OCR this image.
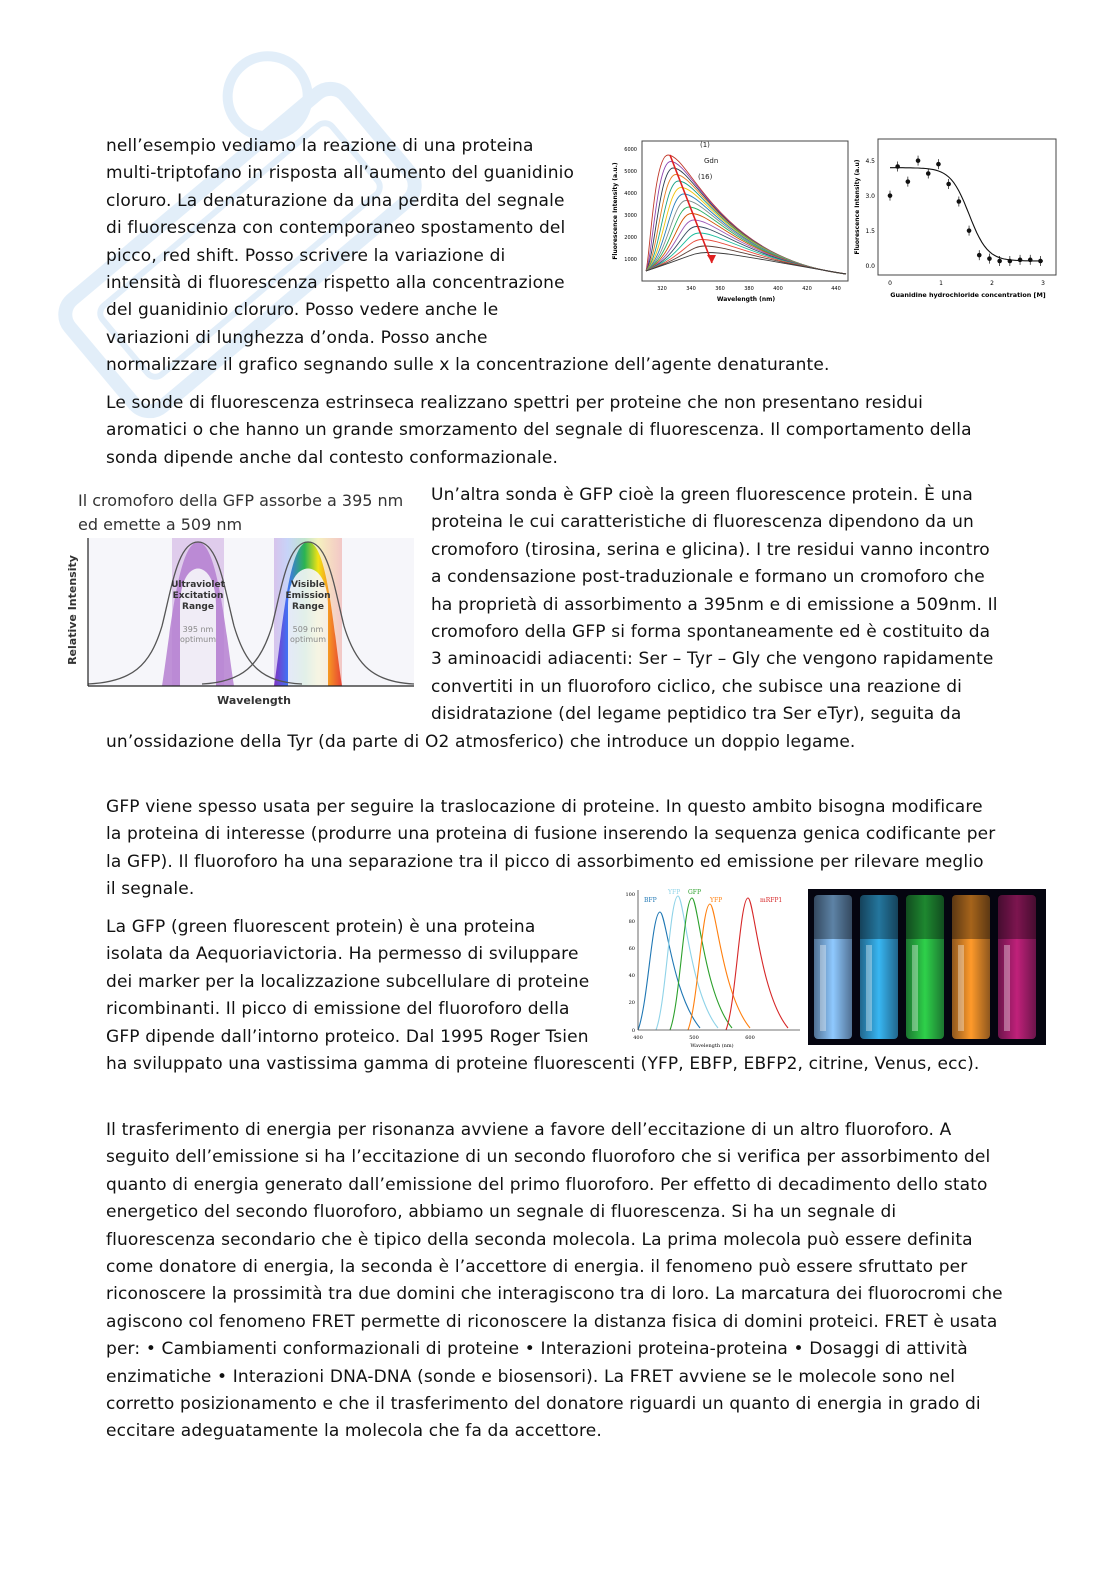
nell’esempio vediamo la reazione di una proteina multi-triptofano in risposta all’aumento del guanidinio cloruro. La denaturazione da una perdita del segnale di fluorescenza con contemporaneo spostamento del picco, red shift. Posso scrivere la variazione di intensità di fluorescenza rispetto alla concentrazione del guanidinio cloruro. Posso vedere anche le variazioni di lunghezza d’onda. Posso anche normalizzare il grafico segnando sulle x la concentrazione dell’agente denaturante.

(1)
Gdn
(16)
6000
5000
4000
3000
2000
1000
320	340	360	380	400	420	440
Wavelength (nm)
Fluorescence Intensity (a.u.)
4.5
3.0
1.5
0.0
0	1	2	3
Guanidine hydrochloride concentration [M]
Fluorescence Intensity (a.u)

Le sonde di fluorescenza estrinseca realizzano spettri per proteine che non presentano residui aromatici o che hanno un grande smorzamento del segnale di fluorescenza. Il comportamento della sonda dipende anche dal contesto conformazionale.

Il cromoforo della GFP assorbe a 395 nm
ed emette a 509 nm
Ultraviolet
Excitation
Range
395 nm
optimum
Visible
Emission
Range
509 nm
optimum
Wavelength
Relative Intensity

Un’altra sonda è GFP cioè la green fluorescence protein. È una proteina le cui caratteristiche di fluorescenza dipendono da un cromoforo (tirosina, serina e glicina). I tre residui vanno incontro a condensazione post-traduzionale e formano un cromoforo che ha proprietà di assorbimento a 395nm e di emissione a 509nm. Il cromoforo della GFP si forma spontaneamente ed è costituito da 3 aminoacidi adiacenti: Ser – Tyr – Gly che vengono rapidamente convertiti in un fluoroforo ciclico, che subisce una reazione di disidratazione (del legame peptidico tra Ser eTyr), seguita da un’ossidazione della Tyr (da parte di O2 atmosferico) che introduce un doppio legame.

GFP viene spesso usata per seguire la traslocazione di proteine. In questo ambito bisogna modificare la proteina di interesse (produrre una proteina di fusione inserendo la sequenza genica codificante per la GFP). Il fluoroforo ha una separazione tra il picco di assorbimento ed emissione per rilevare meglio il segnale.	100
80
60
40
20
0
400	500	600
Wavelength (nm)
BFP
YFP GFP
YFP	mRFP1

La GFP (green fluorescent protein) è una proteina isolata da Aequoriavictoria. Ha permesso di sviluppare dei marker per la localizzazione subcellulare di proteine ricombinanti. Il picco di emissione del fluoroforo della GFP dipende dall’intorno proteico. Dal 1995 Roger Tsien ha sviluppato una vastissima gamma di proteine fluorescenti (YFP, EBFP, EBFP2, citrine, Venus, ecc).

Il trasferimento di energia per risonanza avviene a favore dell’eccitazione di un altro fluoroforo. A seguito dell’emissione si ha l’eccitazione di un secondo fluoroforo che si verifica per assorbimento del quanto di energia generato dall’emissione del primo fluoroforo. Per effetto di decadimento dello stato energetico del secondo fluoroforo, abbiamo un segnale di fluorescenza. Si ha un segnale di fluorescenza secondario che è tipico della seconda molecola. La prima molecola può essere definita come donatore di energia, la seconda è l’accettore di energia. il fenomeno può essere sfruttato per riconoscere la prossimità tra due domini che interagiscono tra di loro. La marcatura dei fluorocromi che agiscono col fenomeno FRET permette di riconoscere la distanza fisica di domini proteici. FRET è usata per: • Cambiamenti conformazionali di proteine • Interazioni proteina-proteina • Dosaggi di attività enzimatiche • Interazioni DNA-DNA (sonde e biosensori). La FRET avviene se le molecole sono nel corretto posizionamento e che il trasferimento del donatore riguardi un quanto di energia in grado di eccitare adeguatamente la molecola che fa da accettore.
